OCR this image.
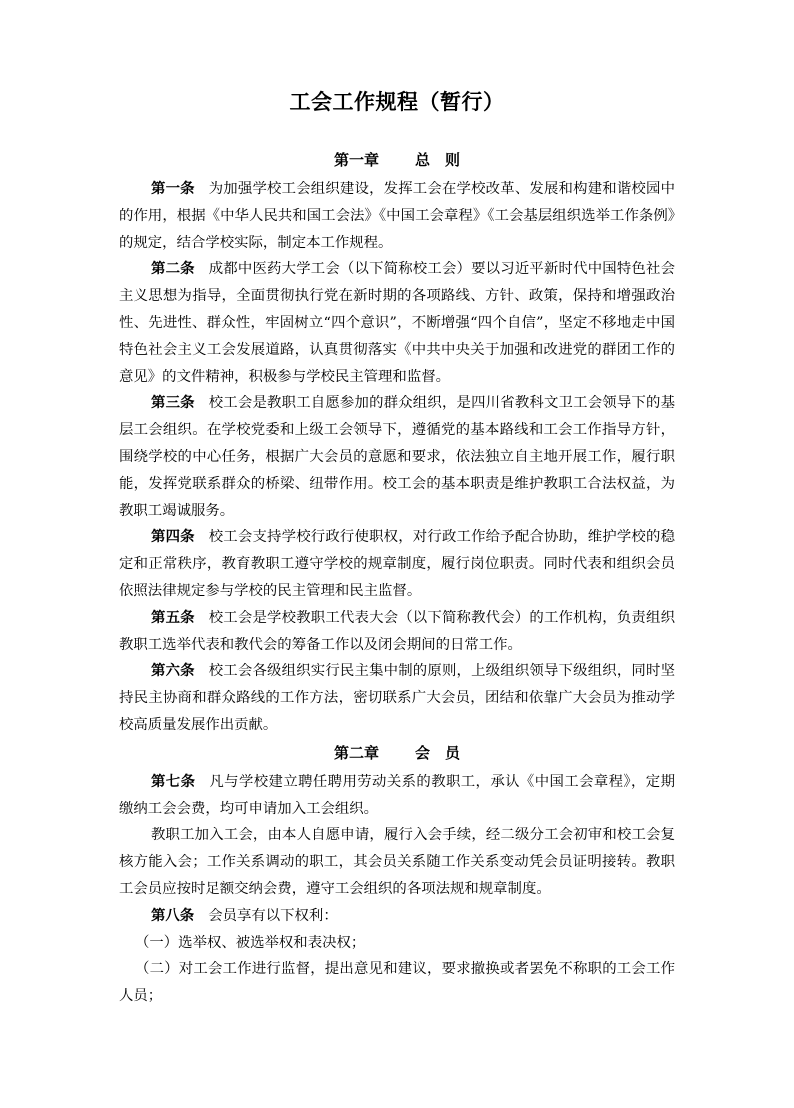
工会工作规程（暂行）
第一章 总　则

第一条 为加强学校工会组织建设，发挥工会在学校改革、发展和构建和谐校园中的作用，根据《中华人民共和国工会法》《中国工会章程》《工会基层组织选举工作条例》的规定，结合学校实际，制定本工作规程。

第二条 成都中医药大学工会（以下简称校工会）要以习近平新时代中国特色社会主义思想为指导，全面贯彻执行党在新时期的各项路线、方针、政策，保持和增强政治性、先进性、群众性，牢固树立“四个意识”，不断增强“四个自信”，坚定不移地走中国特色社会主义工会发展道路，认真贯彻落实《中共中央关于加强和改进党的群团工作的意见》的文件精神，积极参与学校民主管理和监督。

第三条 校工会是教职工自愿参加的群众组织，是四川省教科文卫工会领导下的基层工会组织。在学校党委和上级工会领导下，遵循党的基本路线和工会工作指导方针，围绕学校的中心任务，根据广大会员的意愿和要求，依法独立自主地开展工作，履行职能，发挥党联系群众的桥梁、纽带作用。校工会的基本职责是维护教职工合法权益，为教职工竭诚服务。

第四条 校工会支持学校行政行使职权，对行政工作给予配合协助，维护学校的稳定和正常秩序，教育教职工遵守学校的规章制度，履行岗位职责。同时代表和组织会员依照法律规定参与学校的民主管理和民主监督。

第五条 校工会是学校教职工代表大会（以下简称教代会）的工作机构，负责组织教职工选举代表和教代会的筹备工作以及闭会期间的日常工作。

第六条 校工会各级组织实行民主集中制的原则，上级组织领导下级组织，同时坚持民主协商和群众路线的工作方法，密切联系广大会员，团结和依靠广大会员为推动学校高质量发展作出贡献。

第二章 会　员

第七条 凡与学校建立聘任聘用劳动关系的教职工，承认《中国工会章程》，定期缴纳工会会费，均可申请加入工会组织。

教职工加入工会，由本人自愿申请，履行入会手续，经二级分工会初审和校工会复核方能入会；工作关系调动的职工，其会员关系随工作关系变动凭会员证明接转。教职工会员应按时足额交纳会费，遵守工会组织的各项法规和规章制度。

第八条 会员享有以下权利：

（一）选举权、被选举权和表决权；

（二）对工会工作进行监督，提出意见和建议，要求撤换或者罢免不称职的工会工作人员；
